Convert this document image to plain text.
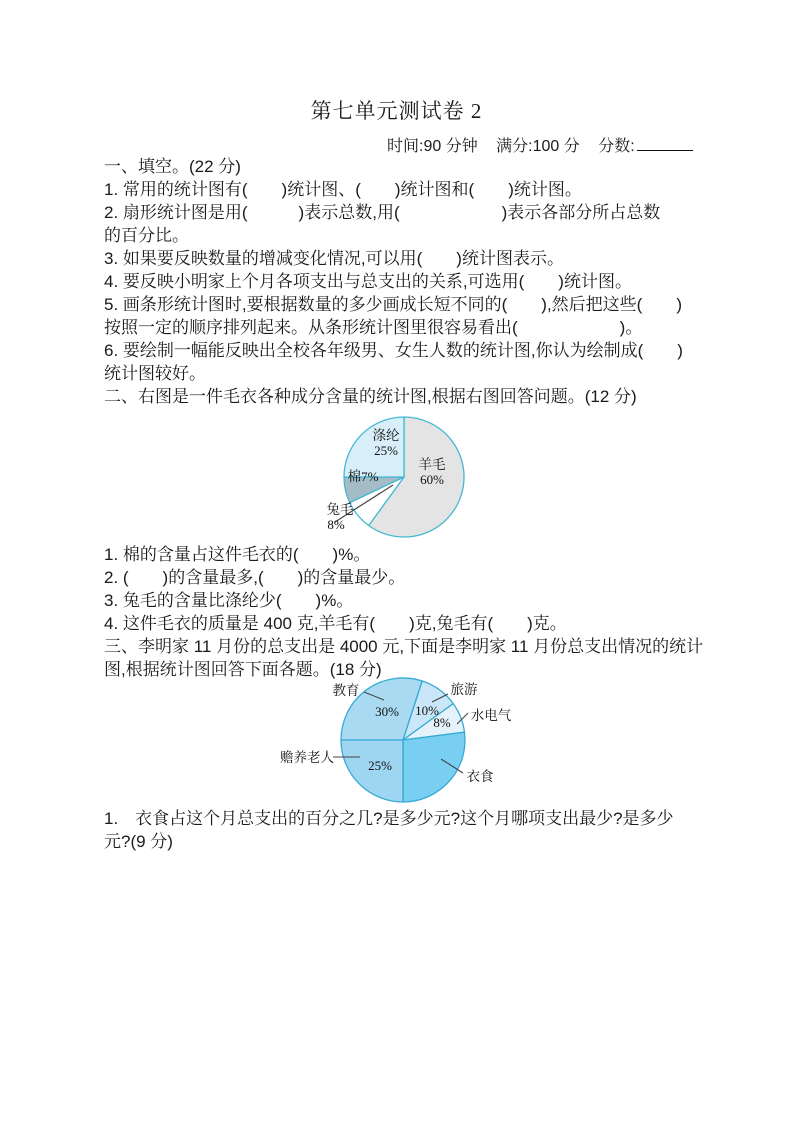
第七单元测试卷 2
时间:90 分钟 满分:100 分 分数:
一、填空。(22 分)
1. 常用的统计图有(　　)统计图、(　　)统计图和(　　)统计图。
2. 扇形统计图是用(　　　)表示总数,用(　　　　　　)表示各部分所占总数
的百分比。
3. 如果要反映数量的增减变化情况,可以用(　　)统计图表示。
4. 要反映小明家上个月各项支出与总支出的关系,可选用(　　)统计图。
5. 画条形统计图时,要根据数量的多少画成长短不同的(　　),然后把这些(　　)
按照一定的顺序排列起来。从条形统计图里很容易看出(　　　　　　)。
6. 要绘制一幅能反映出全校各年级男、女生人数的统计图,你认为绘制成(　　)
统计图较好。
二、右图是一件毛衣各种成分含量的统计图,根据右图回答问题。(12 分)
涤纶
25%
羊毛
60%
棉7%
兔毛
8%
1. 棉的含量占这件毛衣的(　　)%。
2. (　　)的含量最多,(　　)的含量最少。
3. 兔毛的含量比涤纶少(　　)%。
4. 这件毛衣的质量是 400 克,羊毛有(　　)克,兔毛有(　　)克。
三、李明家 11 月份的总支出是 4000 元,下面是李明家 11 月份总支出情况的统计
图,根据统计图回答下面各题。(18 分)
教育
30%
旅游
10% 水电气
8%
衣食
赡养老人
25%
1.　衣食占这个月总支出的百分之几?是多少元?这个月哪项支出最少?是多少
元?(9 分)
